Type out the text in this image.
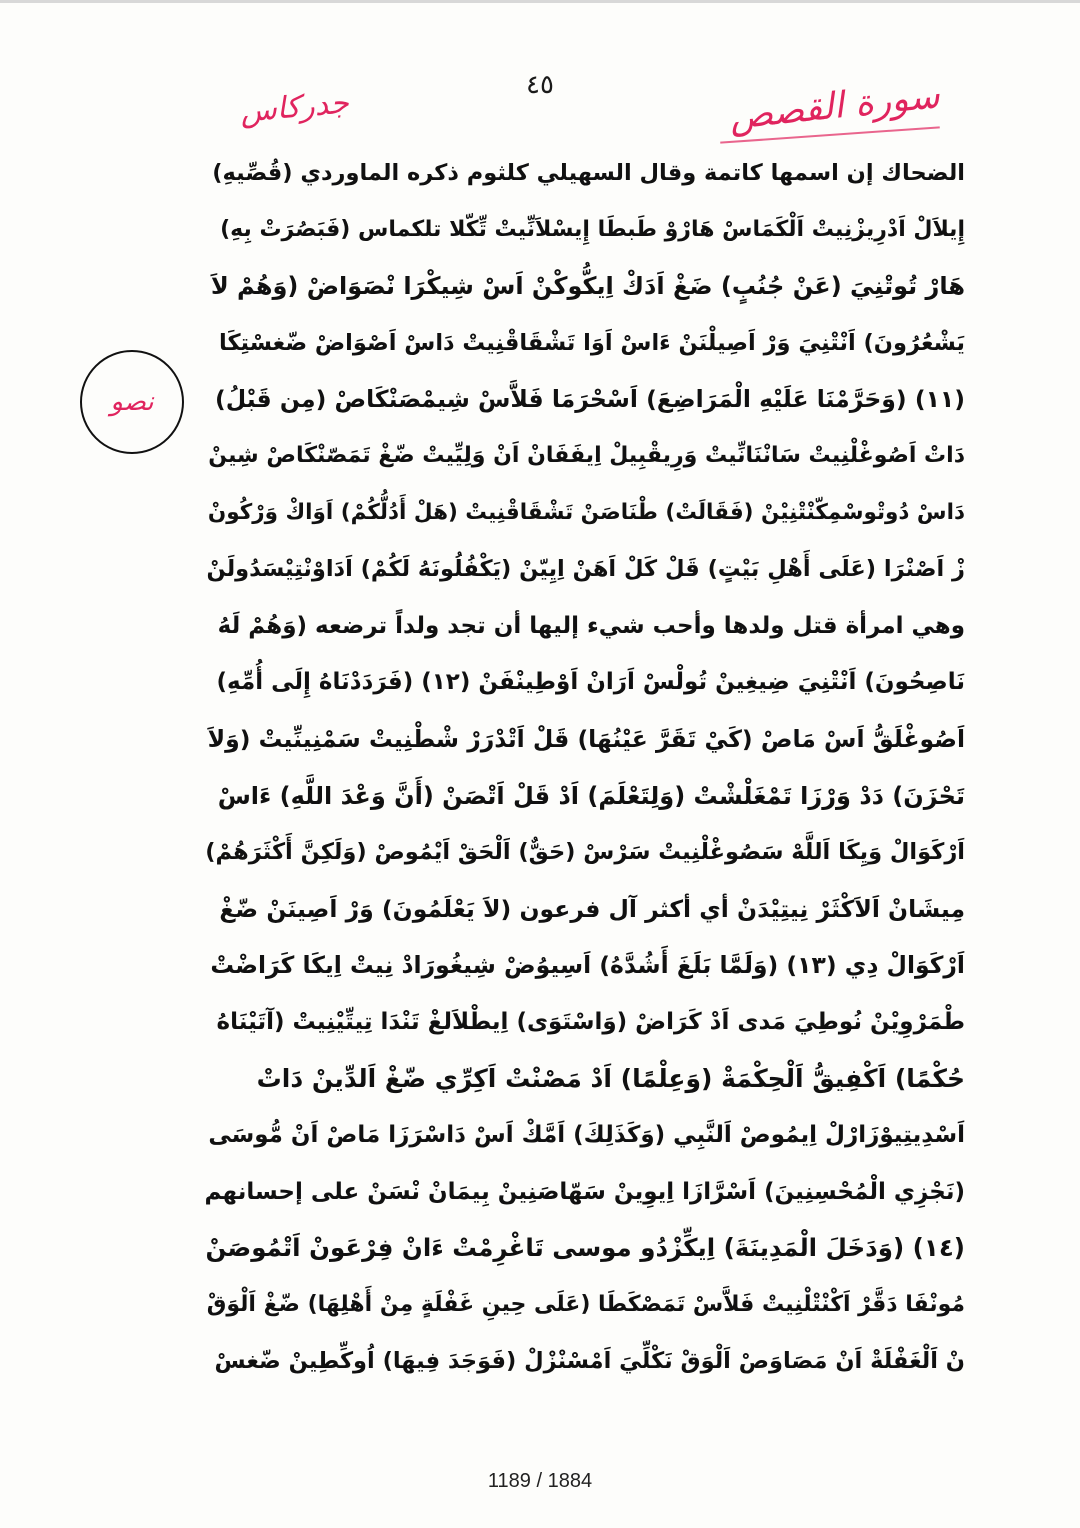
٤٥	سورة القصص
جدركاس
نصو
الضحاك إن اسمها كاتمة وقال السهيلي كلثوم ذكره الماوردي (قُصِّيهِ)
إِيلاَلْ اَدْرِيزْنِيتْ اَلْكَمَاسْ هَارْوْ طَبطَا إِيسْلاَنِّيتْ تِّكّلا تلكماس (فَبَصُرَتْ بِهِ)
هَارْ تُوتْنِيَ (عَنْ جُنُبٍ) ضَغْ اَدَكْ اِيكُّوكْنْ اَسْ شِيكْرَا نْصَوَاضْ (وَهُمْ لاَ
يَشْعُرُونَ) اَنْتْنِيَ وَرْ اَصِيلْنَنْ ءَاسْ اَوَا تَشْقَاقْنِيتْ دَاسْ اَصْوَاضْ ضّغسْتِكَا
(١١) (وَحَرَّمْنَا عَلَيْهِ الْمَرَاضِعَ) اَسْحْرَمَا فَلاَّسْ شِيمْصَنْكَاصْ (مِن قَبْلُ)
دَاتْ اَصُوغْلْنِيتْ سَانْنَانِّيتْ وَرِيقْبِيلْ اِيفَفَانْ اَنْ وَلِيِّيتْ ضّغْ تَمَصّنْكَاصْ شِينْ
دَاسْ دُوتْوسْمِكّنْتْنِيْنْ (فَقَالَتْ) طْنَاصَنْ تَشْقَاقْنِيتْ (هَلْ أَدُلُّكُمْ) اَوَاكْ وَرْكُونْ
زْ اَصْنْرَا (عَلَى أَهْلِ بَيْتٍ) قَلْ كَلْ اَهَنْ اِيِيّنْ (يَكْفُلُونَهُ لَكُمْ) اَدَاوْنْتِيْسَدُولَنْ
وهي امرأة قتل ولدها وأحب شيء إليها أن تجد ولداً ترضعه (وَهُمْ لَهُ
نَاصِحُونَ) اَنْتْنِيَ ضِيغِينْ تُولْسْ اَرَانْ اَوْطِينْفَنْ (١٢) (فَرَدَدْنَاهُ إِلَى أُمِّهِ)
اَصُوغْلَقُّ اَسْ مَاصْ (كَيْ تَقَرَّ عَيْنُهَا) قَلْ اَتْدْرَرْ شْطْنِيتْ سَمْنِينِّيتْ (وَلاَ
تَحْزَنَ) دَدْ وَرْزَا تَمْغَلْشْتْ (وَلِتَعْلَمَ) اَدْ قَلْ اَتْصَنْ (أَنَّ وَعْدَ اللَّهِ) ءَاسْ
اَرْكَوَالْ وَيِكَا اَللَّهْ سَصُوغْلْنِيتْ سَرْسْ (حَقٌّ) اَلْحَقْ اَيْمُوصْ (وَلَكِنَّ أَكْثَرَهُمْ)
مِيشَانْ اَلاَكْثَرْ نِيتِيْدَنْ أي أكثر آل فرعون (لاَ يَعْلَمُونَ) وَرْ اَصِينَنْ ضّغْ
اَرْكَوَالْ دِي (١٣) (وَلَمَّا بَلَغَ أَشُدَّهُ) اَسِيوُضْ شِيغُورَادْ نِيتْ اِيكَا كَرَاضْتْ
طْمَرْوِيْنْ نُوطِيَ مَدى اَدْ كَرَاضْ (وَاسْتَوَى) اِيطْلاَلغْ تَنْدَا تِيتِّيْنِيتْ (آتَيْنَاهُ
حُكْمًا) اَكْفِيقُّ اَلْحِكْمَةْ (وَعِلْمًا) اَدْ مَصْنْتْ اَكِرِّي ضّغْ اَلدِّينْ دَاتْ
اَسْدِيتِيوْزَارْلْ اِيمُوصْ اَلنَّبِي (وَكَذَلِكَ) اَمَّكْ اَسْ دَاسْرَزَا مَاصْ اَنْ مُّوسَى
(نَجْزِي الْمُحْسِنِينَ) اَسْرَّازَا اِيوِينْ سَهّاصَنِينْ بِيمَانْ نْسَنْ على إحسانهم
(١٤) (وَدَخَلَ الْمَدِينَةَ) اِيكِّزْدُو موسى تَاغْرِمْتْ ءَانْ فِرْعَونْ اَتْمُوصَنْ
مُونْفَا دَقَّرْ اَكْنْتْلْنِيتْ فَلاَّسْ تَمَصْكَطَا (عَلَى حِينِ غَفْلَةٍ مِنْ أَهْلِهَا) ضّغْ اَلْوَقْ
نْ اَلْغَفْلَةْ اَنْ مَصَاوَصْ اَلْوَقْ نَكْلِّيَ اَمْسْنْزْلْ (فَوَجَدَ فِيهَا) اُوكِّطِينْ ضّغسْ
1189 / 1884
